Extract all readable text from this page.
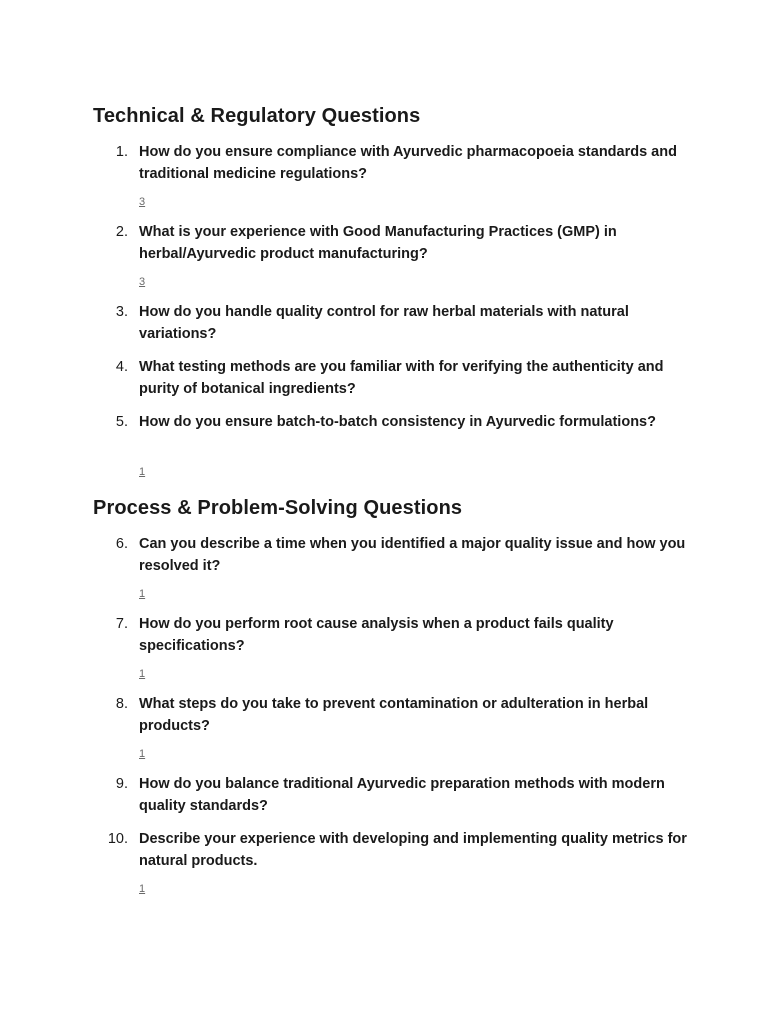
Technical & Regulatory Questions
1. How do you ensure compliance with Ayurvedic pharmacopoeia standards and traditional medicine regulations?

3
2. What is your experience with Good Manufacturing Practices (GMP) in herbal/Ayurvedic product manufacturing?

3
3. How do you handle quality control for raw herbal materials with natural variations?

4. What testing methods are you familiar with for verifying the authenticity and purity of botanical ingredients?

5. How do you ensure batch-to-batch consistency in Ayurvedic formulations?

1
Process & Problem-Solving Questions
6. Can you describe a time when you identified a major quality issue and how you resolved it?

1
7. How do you perform root cause analysis when a product fails quality specifications?

1
8. What steps do you take to prevent contamination or adulteration in herbal products?

1
9. How do you balance traditional Ayurvedic preparation methods with modern quality standards?

10. Describe your experience with developing and implementing quality metrics for natural products.

1
